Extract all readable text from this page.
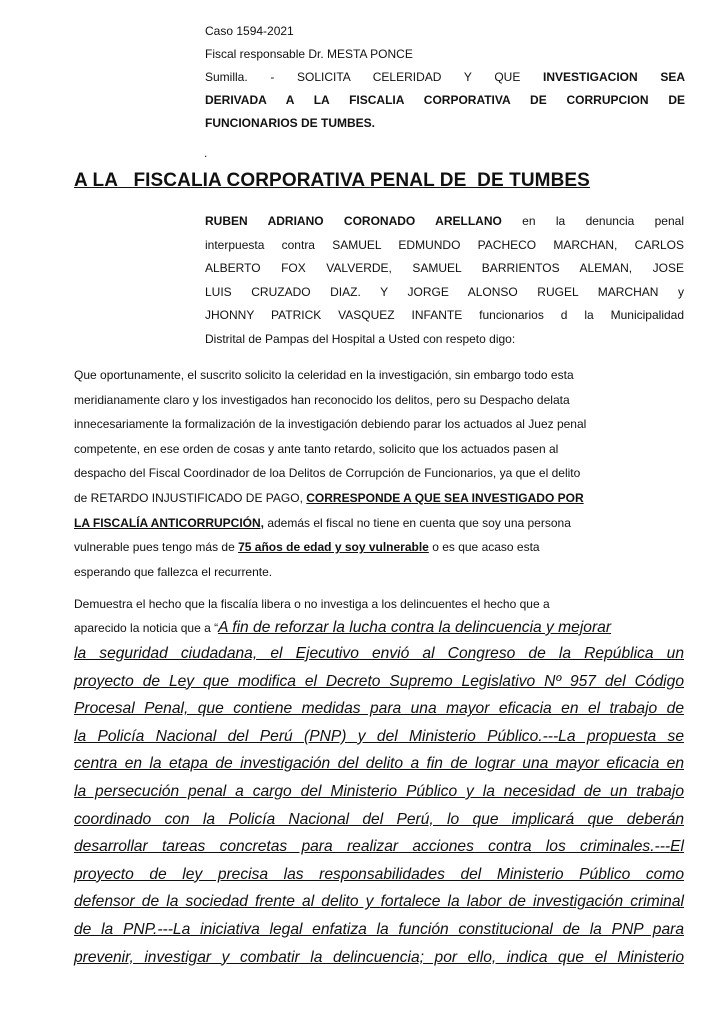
Caso 1594-2021
Fiscal responsable Dr. MESTA PONCE
Sumilla. - SOLICITA CELERIDAD Y QUE INVESTIGACION SEA
DERIVADA A LA FISCALIA CORPORATIVA DE CORRUPCION DE
FUNCIONARIOS DE TUMBES.
.
A LA   FISCALIA CORPORATIVA PENAL DE  DE TUMBES
RUBEN ADRIANO CORONADO ARELLANO en la denuncia penal
interpuesta contra SAMUEL EDMUNDO PACHECO MARCHAN, CARLOS
ALBERTO FOX VALVERDE, SAMUEL BARRIENTOS ALEMAN, JOSE
LUIS CRUZADO DIAZ. Y JORGE ALONSO RUGEL MARCHAN y
JHONNY PATRICK VASQUEZ INFANTE funcionarios d la Municipalidad
Distrital de Pampas del Hospital a Usted con respeto digo:
Que oportunamente, el suscrito solicito la celeridad en la investigación, sin embargo todo esta
meridianamente claro y los investigados han reconocido los delitos, pero su Despacho delata
innecesariamente la formalización de la investigación debiendo parar los actuados al Juez penal
competente, en ese orden de cosas y ante tanto retardo, solicito que los actuados pasen al
despacho del Fiscal Coordinador de loa Delitos de Corrupción de Funcionarios, ya que el delito
de RETARDO INJUSTIFICADO DE PAGO, CORRESPONDE A QUE SEA INVESTIGADO POR
LA FISCALÍA ANTICORRUPCIÓN, además el fiscal no tiene en cuenta que soy una persona
vulnerable pues tengo más de 75 años de edad y soy vulnerable o es que acaso esta
esperando que fallezca el recurrente.
Demuestra el hecho que la fiscalía libera o no investiga a los delincuentes el hecho que a
aparecido la noticia que a “A fin de reforzar la lucha contra la delincuencia y mejorar
la seguridad ciudadana, el Ejecutivo envió al Congreso de la República un
proyecto de Ley que modifica el Decreto Supremo Legislativo Nº 957 del Código
Procesal Penal, que contiene medidas para una mayor eficacia en el trabajo de
la Policía Nacional del Perú (PNP) y del Ministerio Público.---La propuesta se
centra en la etapa de investigación del delito a fin de lograr una mayor eficacia en
la persecución penal a cargo del Ministerio Público y la necesidad de un trabajo
coordinado con la Policía Nacional del Perú, lo que implicará que deberán
desarrollar tareas concretas para realizar acciones contra los criminales.---El
proyecto de ley precisa las responsabilidades del Ministerio Público como
defensor de la sociedad frente al delito y fortalece la labor de investigación criminal
de la PNP.---La iniciativa legal enfatiza la función constitucional de la PNP para
prevenir, investigar y combatir la delincuencia; por ello, indica que el Ministerio
